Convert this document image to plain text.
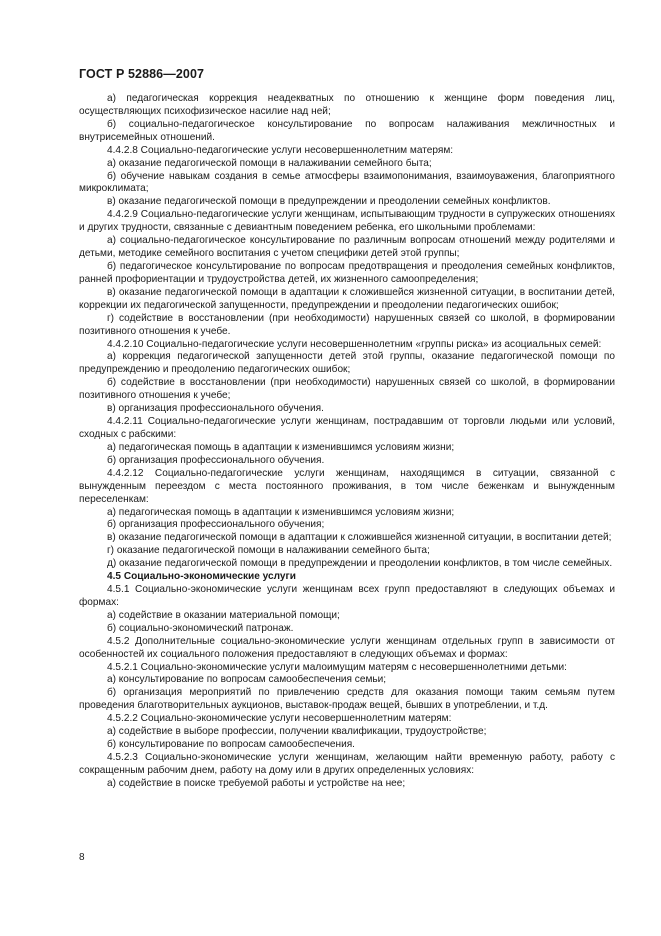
ГОСТ Р 52886—2007

а) педагогическая коррекция неадекватных по отношению к женщине форм поведения лиц, осуществляющих психофизическое насилие над ней;

б) социально-педагогическое консультирование по вопросам налаживания межличностных и внутрисемейных отношений.

4.4.2.8 Социально-педагогические услуги несовершеннолетним матерям:

а) оказание педагогической помощи в налаживании семейного быта;

б) обучение навыкам создания в семье атмосферы взаимопонимания, взаимоуважения, благоприятного микроклимата;

в) оказание педагогической помощи в предупреждении и преодолении семейных конфликтов.

4.4.2.9 Социально-педагогические услуги женщинам, испытывающим трудности в супружеских отношениях и других трудности, связанные с девиантным поведением ребенка, его школьными проблемами:

а) социально-педагогическое консультирование по различным вопросам отношений между родителями и детьми, методике семейного воспитания с учетом специфики детей этой группы;

б) педагогическое консультирование по вопросам предотвращения и преодоления семейных конфликтов, ранней профориентации и трудоустройства детей, их жизненного самоопределения;

в) оказание педагогической помощи в адаптации к сложившейся жизненной ситуации, в воспитании детей, коррекции их педагогической запущенности, предупреждении и преодолении педагогических ошибок;

г) содействие в восстановлении (при необходимости) нарушенных связей со школой, в формировании позитивного отношения к учебе.

4.4.2.10 Социально-педагогические услуги несовершеннолетним «группы риска» из асоциальных семей:

а) коррекция педагогической запущенности детей этой группы, оказание педагогической помощи по предупреждению и преодолению педагогических ошибок;

б) содействие в восстановлении (при необходимости) нарушенных связей со школой, в формировании позитивного отношения к учебе;

в) организация профессионального обучения.

4.4.2.11 Социально-педагогические услуги женщинам, пострадавшим от торговли людьми или условий, сходных с рабскими:

а) педагогическая помощь в адаптации к изменившимся условиям жизни;

б) организация профессионального обучения.

4.4.2.12 Социально-педагогические услуги женщинам, находящимся в ситуации, связанной с вынужденным переездом с места постоянного проживания, в том числе беженкам и вынужденным переселенкам:

а) педагогическая помощь в адаптации к изменившимся условиям жизни;

б) организация профессионального обучения;

в) оказание педагогической помощи в адаптации к сложившейся жизненной ситуации, в воспитании детей;

г) оказание педагогической помощи в налаживании семейного быта;

д) оказание педагогической помощи в предупреждении и преодолении конфликтов, в том числе семейных.

4.5 Социально-экономические услуги

4.5.1 Социально-экономические услуги женщинам всех групп предоставляют в следующих объемах и формах:

а) содействие в оказании материальной помощи;

б) социально-экономический патронаж.

4.5.2 Дополнительные социально-экономические услуги женщинам отдельных групп в зависимости от особенностей их социального положения предоставляют в следующих объемах и формах:

4.5.2.1 Социально-экономические услуги малоимущим матерям с несовершеннолетними детьми:

а) консультирование по вопросам самообеспечения семьи;

б) организация мероприятий по привлечению средств для оказания помощи таким семьям путем проведения благотворительных аукционов, выставок-продаж вещей, бывших в употреблении, и т.д.

4.5.2.2 Социально-экономические услуги несовершеннолетним матерям:

а) содействие в выборе профессии, получении квалификации, трудоустройстве;

б) консультирование по вопросам самообеспечения.

4.5.2.3 Социально-экономические услуги женщинам, желающим найти временную работу, работу с сокращенным рабочим днем, работу на дому или в других определенных условиях:

а) содействие в поиске требуемой работы и устройстве на нее;

8
